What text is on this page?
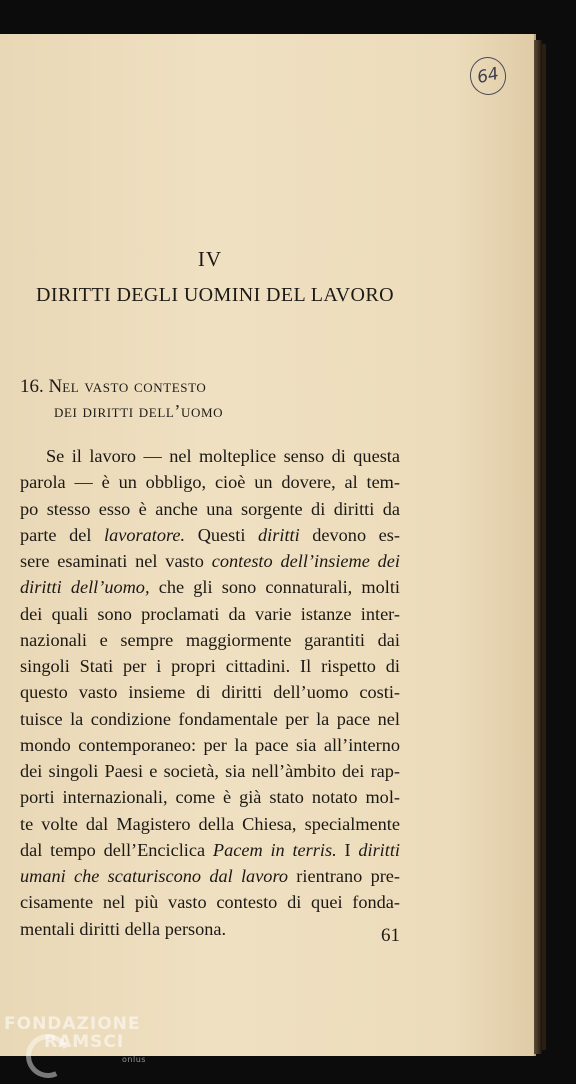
64
IV
DIRITTI DEGLI UOMINI DEL LAVORO
16. Nel vasto contesto
dei diritti dell’uomo
Se il lavoro — nel molteplice senso di questa
parola — è un obbligo, cioè un dovere, al tem-
po stesso esso è anche una sorgente di diritti da
parte del lavoratore. Questi diritti devono es-
sere esaminati nel vasto contesto dell’insieme dei
diritti dell’uomo, che gli sono connaturali, molti
dei quali sono proclamati da varie istanze inter-
nazionali e sempre maggiormente garantiti dai
singoli Stati per i propri cittadini. Il rispetto di
questo vasto insieme di diritti dell’uomo costi-
tuisce la condizione fondamentale per la pace nel
mondo contemporaneo: per la pace sia all’interno
dei singoli Paesi e società, sia nell’àmbito dei rap-
porti internazionali, come è già stato notato mol-
te volte dal Magistero della Chiesa, specialmente
dal tempo dell’Enciclica Pacem in terris. I diritti
umani che scaturiscono dal lavoro rientrano pre-
cisamente nel più vasto contesto di quei fonda-
mentali diritti della persona.	61
FONDAZIONE
RAMSCI
onlus
